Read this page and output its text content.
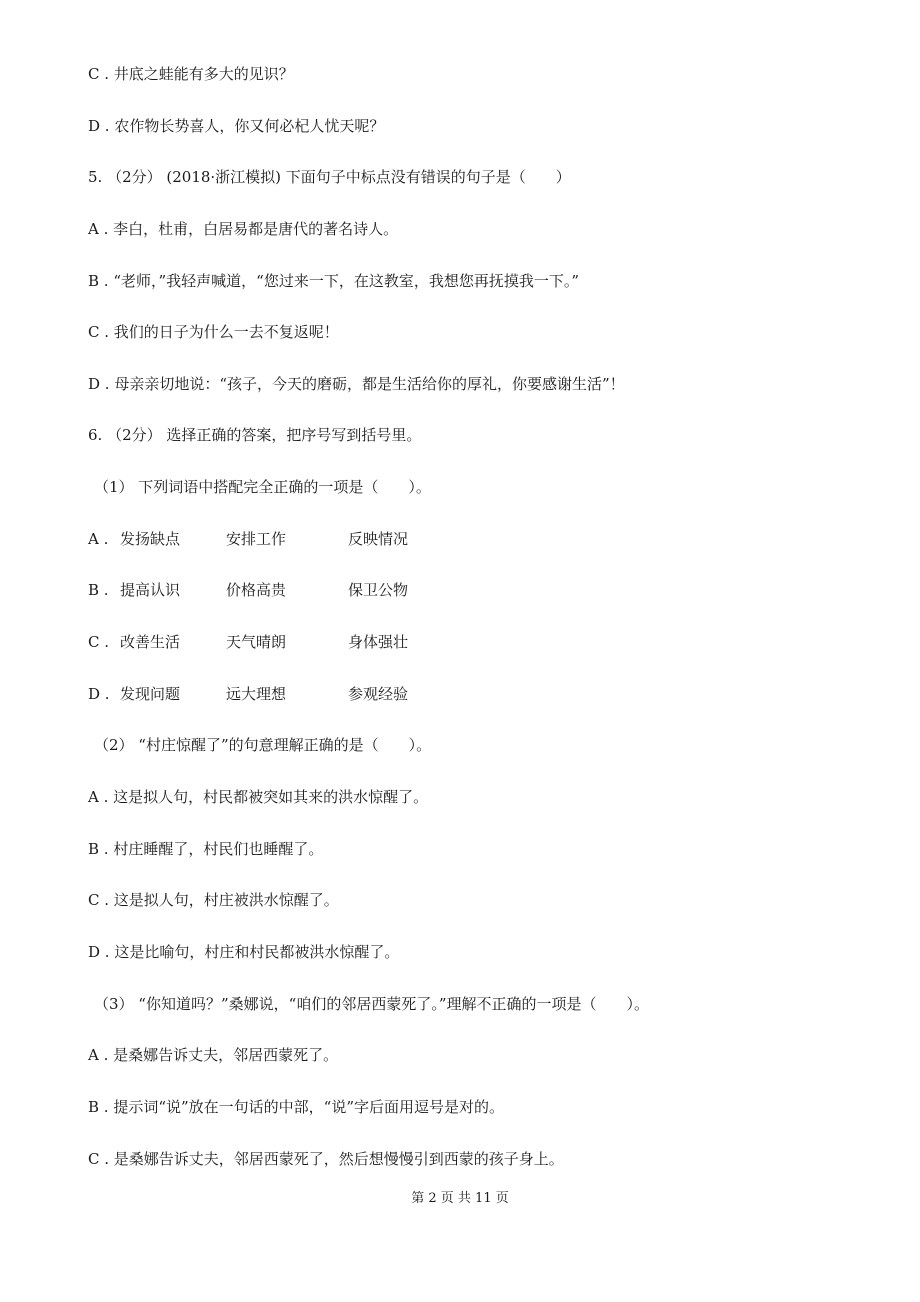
C . 井底之蛙能有多大的见识？
D . 农作物长势喜人，你又何必杞人忧天呢？
5. （2分） (2018·浙江模拟) 下面句子中标点没有错误的句子是（　　）
A . 李白，杜甫，白居易都是唐代的著名诗人。
B . “老师，”我轻声喊道，“您过来一下，在这教室，我想您再抚摸我一下。”
C . 我们的日子为什么一去不复返呢！
D . 母亲亲切地说：“孩子，今天的磨砺，都是生活给你的厚礼，你要感谢生活”！
6. （2分） 选择正确的答案，把序号写到括号里。
（1） 下列词语中搭配完全正确的一项是（　　）。
A . 发扬缺点	安排工作	反映情况
B . 提高认识	价格高贵	保卫公物
C . 改善生活	天气晴朗	身体强壮
D . 发现问题	远大理想	参观经验
（2） “村庄惊醒了”的句意理解正确的是（　　）。
A . 这是拟人句，村民都被突如其来的洪水惊醒了。
B . 村庄睡醒了，村民们也睡醒了。
C . 这是拟人句，村庄被洪水惊醒了。
D . 这是比喻句，村庄和村民都被洪水惊醒了。
（3） “你知道吗？”桑娜说，“咱们的邻居西蒙死了。”理解不正确的一项是（　　）。
A . 是桑娜告诉丈夫，邻居西蒙死了。
B . 提示词“说”放在一句话的中部，“说”字后面用逗号是对的。
C . 是桑娜告诉丈夫，邻居西蒙死了，然后想慢慢引到西蒙的孩子身上。
第 2 页 共 11 页
